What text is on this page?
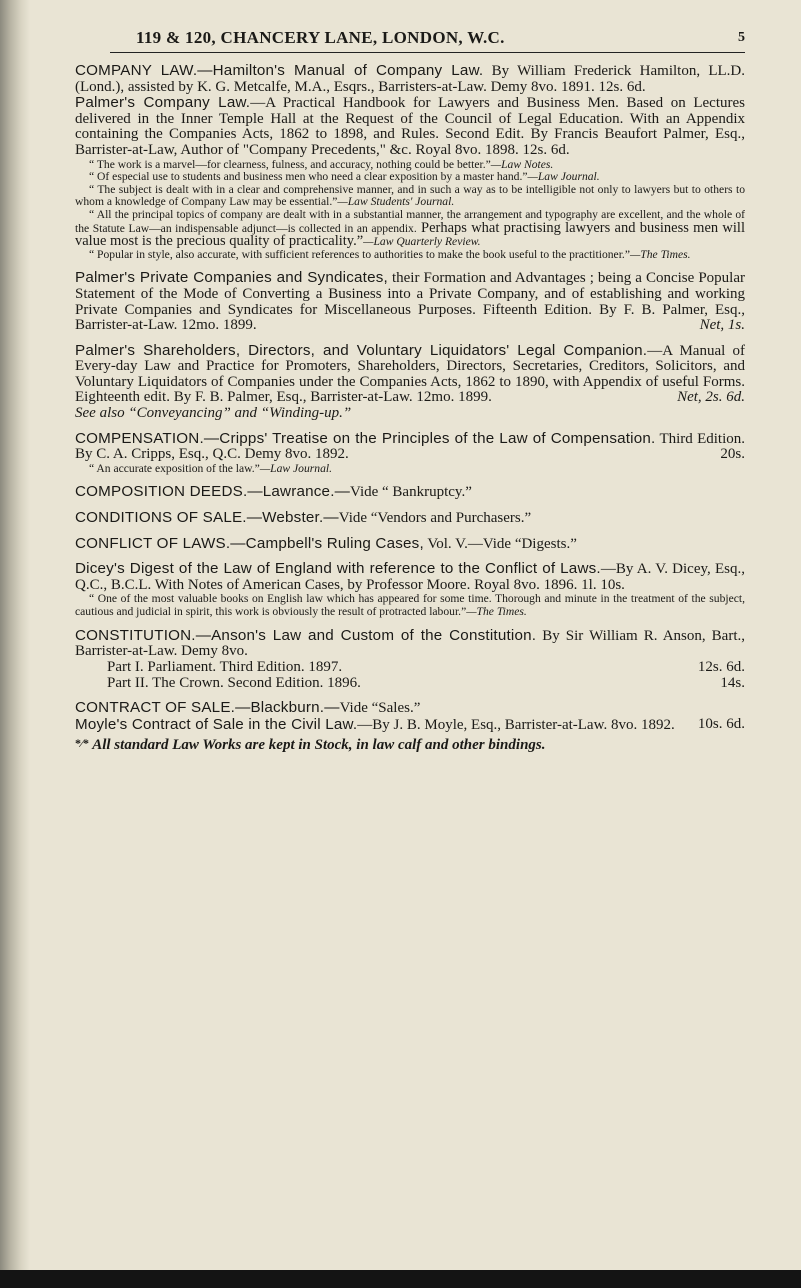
119 & 120, CHANCERY LANE, LONDON, W.C.	5

COMPANY LAW.—Hamilton's Manual of Company Law. By William Frederick Hamilton, LL.D. (Lond.), assisted by K. G. Metcalfe, M.A., Esqrs., Barristers-at-Law. Demy 8vo. 1891. 12s. 6d.

Palmer's Company Law.—A Practical Handbook for Lawyers and Business Men. Based on Lectures delivered in the Inner Temple Hall at the Request of the Council of Legal Education. With an Appendix containing the Companies Acts, 1862 to 1898, and Rules. Second Edit. By Francis Beaufort Palmer, Esq., Barrister-at-Law, Author of "Company Precedents," &c. Royal 8vo. 1898. 12s. 6d.

“ The work is a marvel—for clearness, fulness, and accuracy, nothing could be better.”—Law Notes.

“ Of especial use to students and business men who need a clear exposition by a master hand.”—Law Journal.

“ The subject is dealt with in a clear and comprehensive manner, and in such a way as to be intelligible not only to lawyers but to others to whom a knowledge of Company Law may be essential.”—Law Students' Journal.

“ All the principal topics of company are dealt with in a substantial manner, the arrangement and typography are excellent, and the whole of the Statute Law—an indispensable adjunct—is collected in an appendix. Perhaps what practising lawyers and business men will value most is the precious quality of practicality.”—Law Quarterly Review.

“ Popular in style, also accurate, with sufficient references to authorities to make the book useful to the practitioner.”—The Times.

Palmer's Private Companies and Syndicates, their Formation and Advantages ; being a Concise Popular Statement of the Mode of Converting a Business into a Private Company, and of establishing and working Private Companies and Syndicates for Miscellaneous Purposes. Fifteenth Edition. By F. B. Palmer, Esq., Barrister-at-Law. 12mo. 1899.	Net, 1s.

Palmer's Shareholders, Directors, and Voluntary Liquidators' Legal Companion.—A Manual of Every-day Law and Practice for Promoters, Shareholders, Directors, Secretaries, Creditors, Solicitors, and Voluntary Liquidators of Companies under the Companies Acts, 1862 to 1890, with Appendix of useful Forms. Eighteenth edit. By F. B. Palmer, Esq., Barrister-at-Law. 12mo. 1899.	Net, 2s. 6d.

See also “Conveyancing” and “Winding-up.”

COMPENSATION.—Cripps' Treatise on the Principles of the Law of Compensation. Third Edition. By C. A. Cripps, Esq., Q.C. Demy 8vo. 1892.	20s.

“ An accurate exposition of the law.”—Law Journal.

COMPOSITION DEEDS.—Lawrance.—Vide “ Bankruptcy.”

CONDITIONS OF SALE.—Webster.—Vide “Vendors and Purchasers.”

CONFLICT OF LAWS.—Campbell's Ruling Cases, Vol. V.—Vide “Digests.”

Dicey's Digest of the Law of England with reference to the Conflict of Laws.—By A. V. Dicey, Esq., Q.C., B.C.L. With Notes of American Cases, by Professor Moore. Royal 8vo. 1896. 1l. 10s.

“ One of the most valuable books on English law which has appeared for some time. Thorough and minute in the treatment of the subject, cautious and judicial in spirit, this work is obviously the result of protracted labour.”—The Times.

CONSTITUTION.—Anson's Law and Custom of the Constitution. By Sir William R. Anson, Bart., Barrister-at-Law. Demy 8vo.

Part I. Parliament. Third Edition. 1897.	12s. 6d.
Part II. The Crown. Second Edition. 1896.	14s.

CONTRACT OF SALE.—Blackburn.—Vide “Sales.”

Moyle's Contract of Sale in the Civil Law.—By J. B. Moyle, Esq., Barrister-at-Law. 8vo. 1892. 10s. 6d.

*⁄* All standard Law Works are kept in Stock, in law calf and other bindings.
